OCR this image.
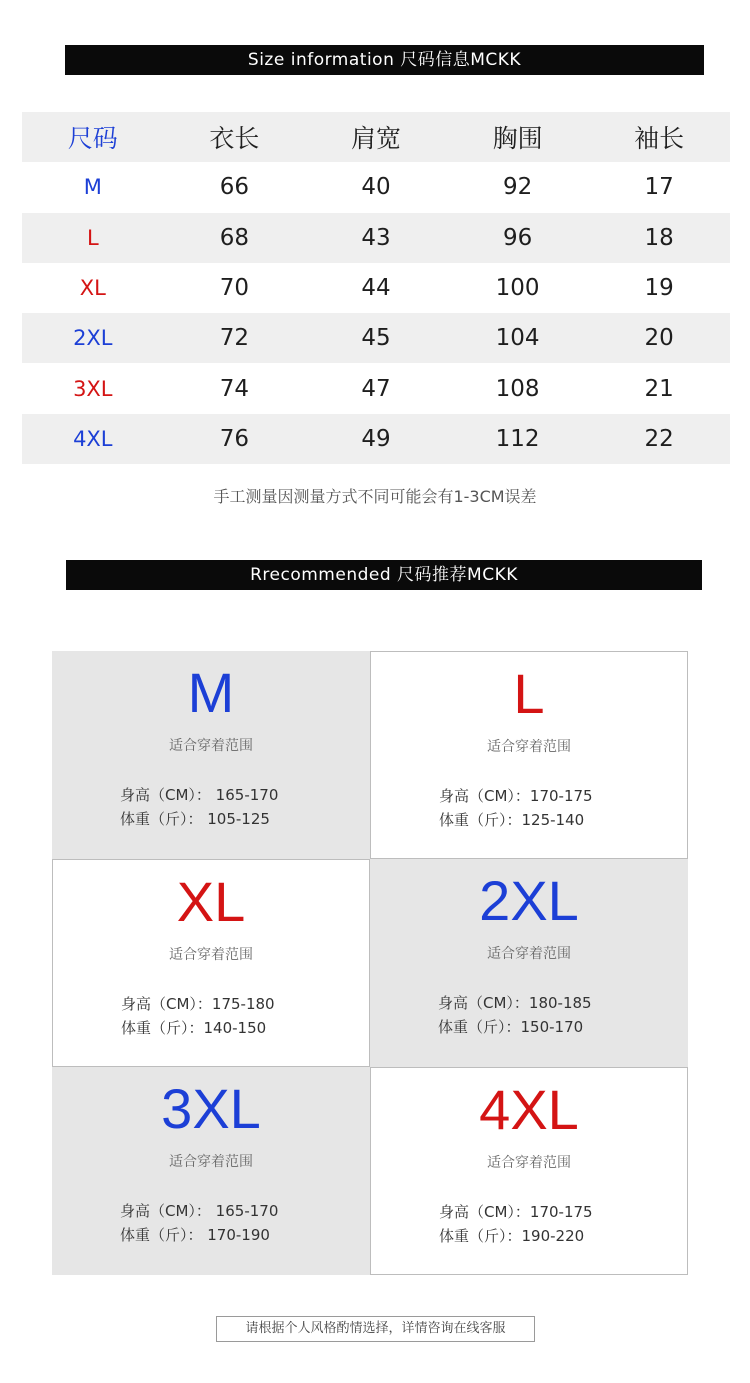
Size information 尺码信息MCKK
尺码	衣长	肩宽	胸围	袖长
M	66	40	92	17
L	68	43	96	18
XL	70	44	100	19
2XL	72	45	104	20
3XL	74	47	108	21
4XL	76	49	112	22
手工测量因测量方式不同可能会有1-3CM误差
Rrecommended 尺码推荐MCKK
M
适合穿着范围
身高（CM）： 165-170
体重（斤）： 105-125
L
适合穿着范围
身高（CM）：170-175
体重（斤）：125-140
XL
适合穿着范围
身高（CM）：175-180
体重（斤）：140-150
2XL
适合穿着范围
身高（CM）：180-185
体重（斤）：150-170
3XL
适合穿着范围
身高（CM）： 165-170
体重（斤）： 170-190
4XL
适合穿着范围
身高（CM）：170-175
体重（斤）：190-220
请根据个人风格酌情选择，详情咨询在线客服
